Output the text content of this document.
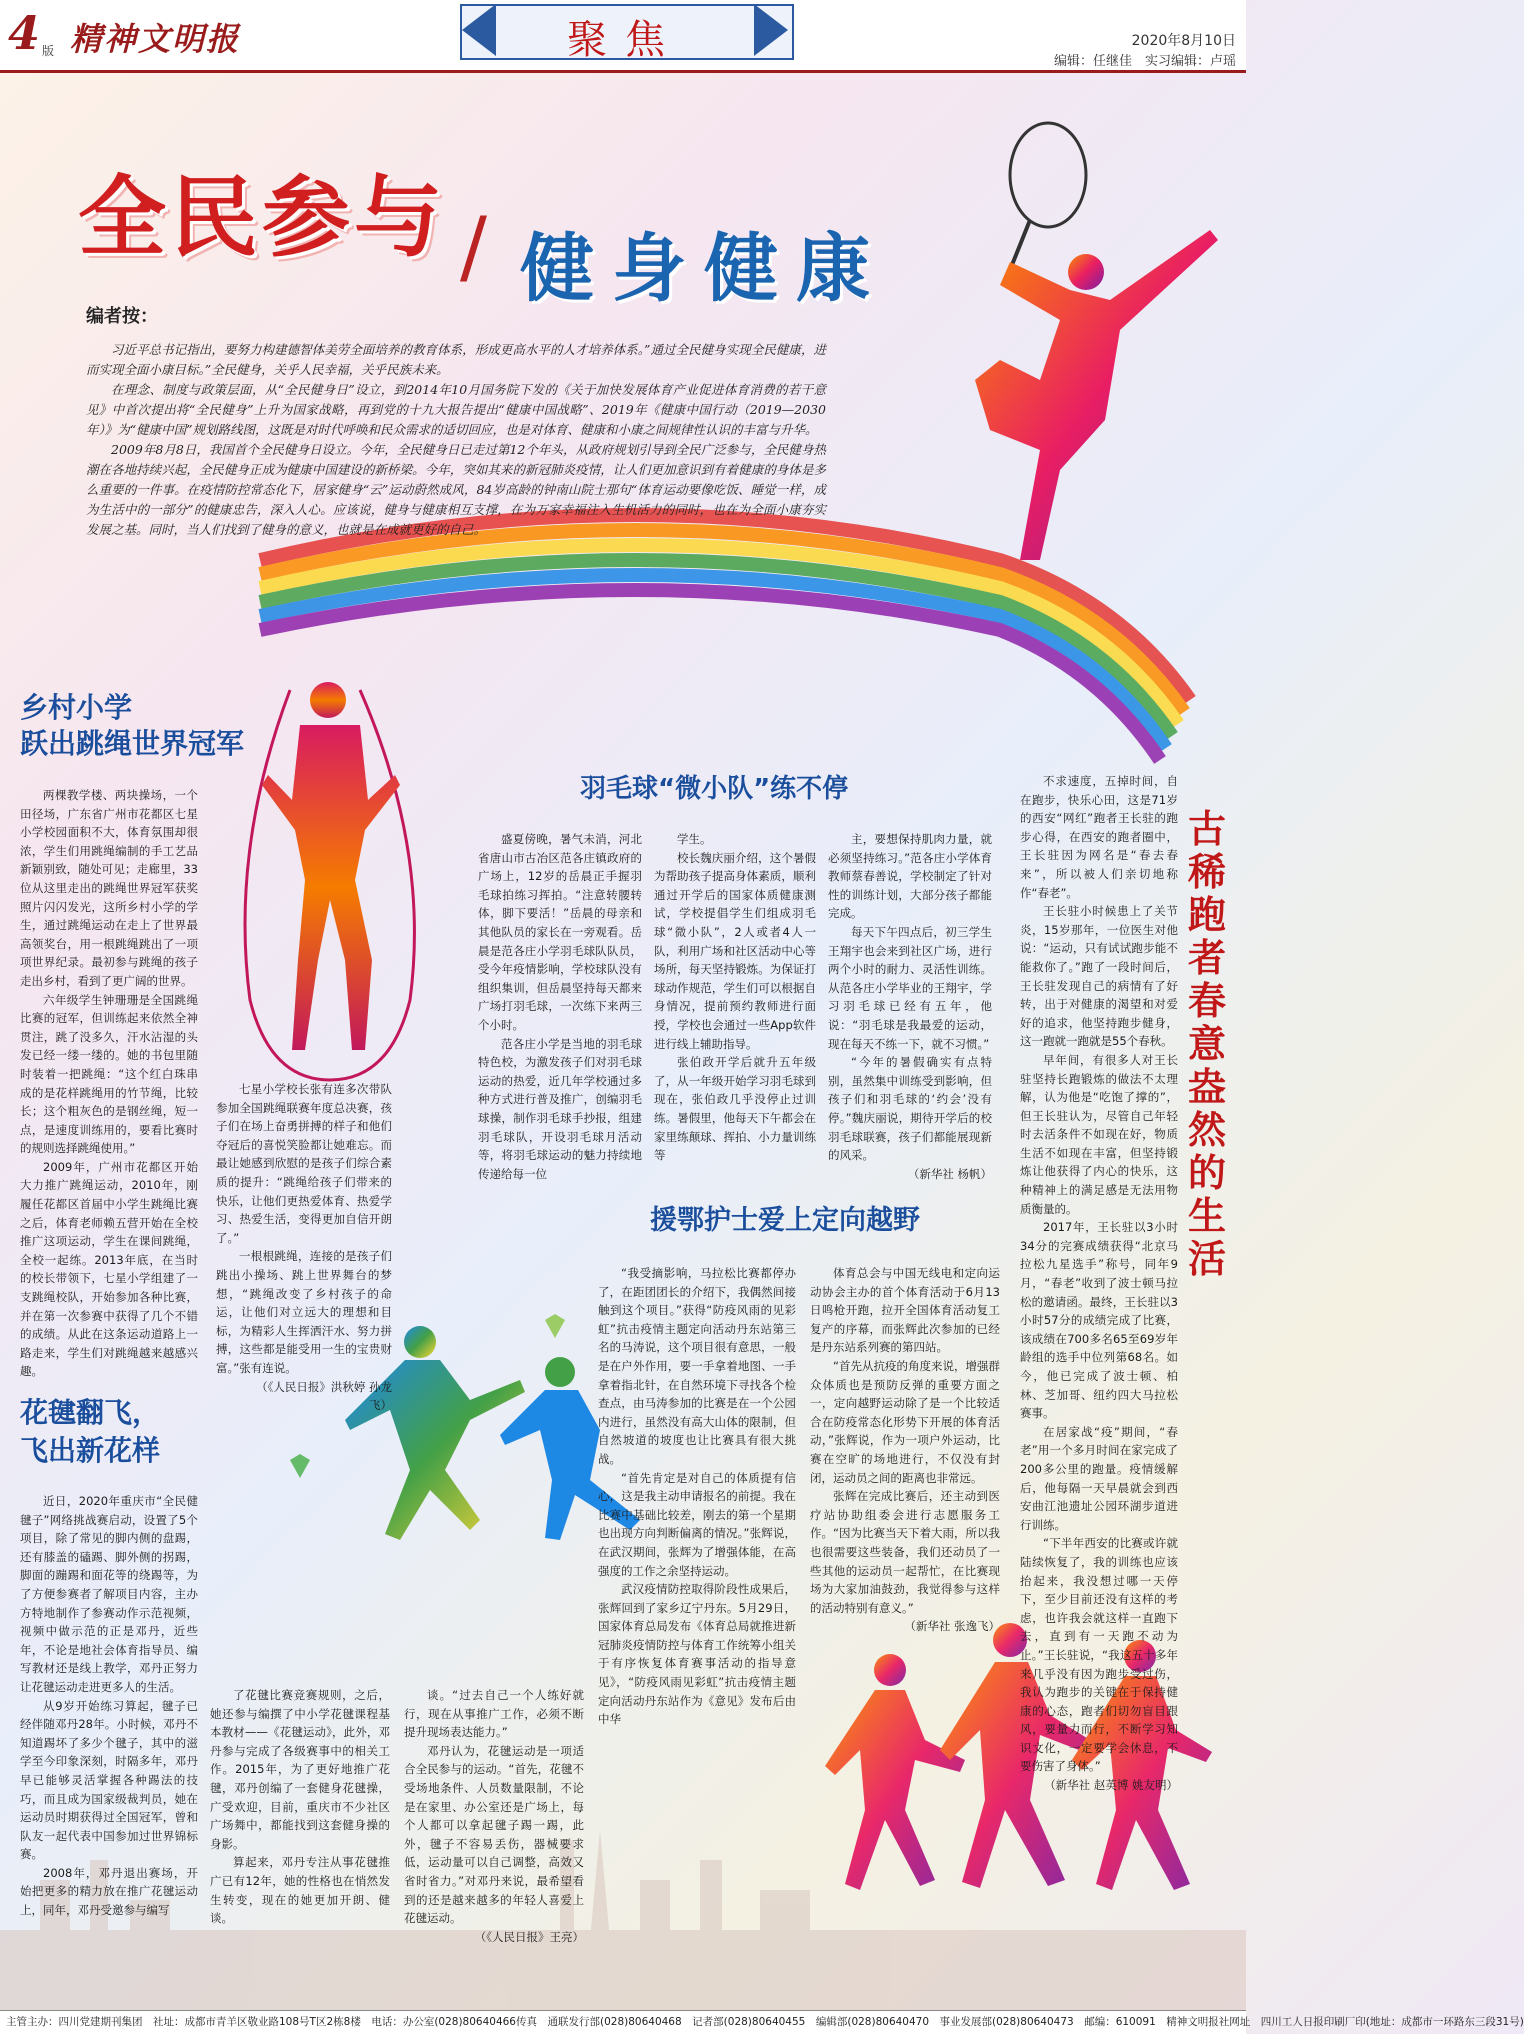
4 版 精神文明报	聚焦	2020年8月10日
编辑：任继佳　实习编辑：卢瑶
全民参与 / 健身健康
编者按：

习近平总书记指出，要努力构建德智体美劳全面培养的教育体系，形成更高水平的人才培养体系。”通过全民健身实现全民健康，进而实现全面小康目标。”全民健身，关乎人民幸福，关乎民族未来。

在理念、制度与政策层面，从“全民健身日”设立，到2014年10月国务院下发的《关于加快发展体育产业促进体育消费的若干意见》中首次提出将“全民健身”上升为国家战略，再到党的十九大报告提出“健康中国战略”、2019年《健康中国行动（2019—2030年）》为“健康中国”规划路线图，这既是对时代呼唤和民众需求的适切回应，也是对体育、健康和小康之间规律性认识的丰富与升华。

2009年8月8日，我国首个全民健身日设立。今年，全民健身日已走过第12个年头，从政府规划引导到全民广泛参与，全民健身热潮在各地持续兴起，全民健身正成为健康中国建设的新桥梁。今年，突如其来的新冠肺炎疫情，让人们更加意识到有着健康的身体是多么重要的一件事。在疫情防控常态化下，居家健身“云”运动蔚然成风，84岁高龄的钟南山院士那句“体育运动要像吃饭、睡觉一样，成为生活中的一部分”的健康忠告，深入人心。应该说，健身与健康相互支撑，在为万家幸福注入生机活力的同时，也在为全面小康夯实发展之基。同时，当人们找到了健身的意义，也就是在成就更好的自己。

乡村小学
跃出跳绳世界冠军

两棵教学楼、两块操场，一个田径场，广东省广州市花都区七星小学校园面积不大，体育氛围却很浓，学生们用跳绳编制的手工艺品新颖别致，随处可见；走廊里，33位从这里走出的跳绳世界冠军获奖照片闪闪发光，这所乡村小学的学生，通过跳绳运动在走上了世界最高领奖台，用一根跳绳跳出了一项项世界纪录。最初参与跳绳的孩子走出乡村，看到了更广阔的世界。

六年级学生钟珊珊是全国跳绳比赛的冠军，但训练起来依然全神贯注，跳了没多久，汗水沾湿的头发已经一缕一缕的。她的书包里随时装着一把跳绳：“这个红白珠串成的是花样跳绳用的竹节绳，比较长；这个粗灰色的是钢丝绳，短一点，是速度训练用的，要看比赛时的规则选择跳绳使用。”

2009年，广州市花都区开始大力推广跳绳运动，2010年，刚履任花都区首届中小学生跳绳比赛之后，体育老师赖五营开始在全校推广这项运动，学生在课间跳绳，全校一起练。2013年底，在当时的校长带领下，七星小学组建了一支跳绳校队，开始参加各种比赛，并在第一次参赛中获得了几个不错的成绩。从此在这条运动道路上一路走来，学生们对跳绳越来越感兴趣。

七星小学校长张有连多次带队参加全国跳绳联赛年度总决赛，孩子们在场上奋勇拼搏的样子和他们夺冠后的喜悦笑脸都让她难忘。而最让她感到欣慰的是孩子们综合素质的提升：“跳绳给孩子们带来的快乐，让他们更热爱体育、热爱学习、热爱生活，变得更加自信开朗了。”

一根根跳绳，连接的是孩子们跳出小操场、跳上世界舞台的梦想，“跳绳改变了乡村孩子的命运，让他们对立远大的理想和目标，为精彩人生挥洒汗水、努力拼搏，这些都是能受用一生的宝贵财富。”张有连说。

（《人民日报》洪秋婷 孙龙飞）

花毽翻飞，
飞出新花样

近日，2020年重庆市“全民健毽子”网络挑战赛启动，设置了5个项目，除了常见的脚内侧的盘踢，还有膝盖的磕踢、脚外侧的拐踢，脚面的蹦踢和面花等的绕踢等，为了方便参赛者了解项目内容，主办方特地制作了参赛动作示范视频，视频中做示范的正是邓丹，近些年，不论是地社会体育指导员、编写教材还是线上教学，邓丹正努力让花毽运动走进更多人的生活。

从9岁开始练习算起，毽子已经伴随邓丹28年。小时候，邓丹不知道踢坏了多少个毽子，其中的滋学至今印象深刻，时隔多年，邓丹早已能够灵活掌握各种踢法的技巧，而且成为国家级裁判员，她在运动员时期获得过全国冠军，曾和队友一起代表中国参加过世界锦标赛。

2008年，邓丹退出赛场，开始把更多的精力放在推广花毽运动上，同年，邓丹受邀参与编写

了花毽比赛竞赛规则，之后，她还参与编撰了中小学花毽课程基本教材——《花毽运动》，此外，邓丹参与完成了各级赛事中的相关工作。2015年，为了更好地推广花毽，邓丹创编了一套健身花毽操，广受欢迎，目前，重庆市不少社区广场舞中，都能找到这套健身操的身影。

算起来，邓丹专注从事花毽推广已有12年，她的性格也在悄然发生转变，现在的她更加开朗、健谈。

谈。“过去自己一个人练好就行，现在从事推广工作，必须不断提升现场表达能力。”

邓丹认为，花毽运动是一项适合全民参与的运动。“首先，花毽不受场地条件、人员数量限制，不论是在家里、办公室还是广场上，每个人都可以拿起毽子踢一踢，此外，毽子不容易丢伤，器械要求低，运动量可以自己调整，高效又省时省力。”对邓丹来说，最希望看到的还是越来越多的年轻人喜爱上花毽运动。

（《人民日报》王亮）

羽毛球“微小队”练不停

盛夏傍晚，暑气未消，河北省唐山市古冶区范各庄镇政府的广场上，12岁的岳晨正手握羽毛球拍练习挥拍。“注意转腰转体，脚下要活！”岳晨的母亲和其他队员的家长在一旁观看。岳晨是范各庄小学羽毛球队队员，受今年疫情影响，学校球队没有组织集训，但岳晨坚持每天都来广场打羽毛球，一次练下来两三个小时。

范各庄小学是当地的羽毛球特色校，为激发孩子们对羽毛球运动的热爱，近几年学校通过多种方式进行普及推广，创编羽毛球操，制作羽毛球手抄报，组建羽毛球队，开设羽毛球月活动等，将羽毛球运动的魅力持续地传递给每一位

学生。

校长魏庆丽介绍，这个暑假为帮助孩子提高身体素质，顺利通过开学后的国家体质健康测试，学校提倡学生们组成羽毛球“微小队”，2人或者4人一队，利用广场和社区活动中心等场所，每天坚持锻炼。为保证打球动作规范，学生们可以根据自身情况，提前预约教师进行面授，学校也会通过一些App软件进行线上辅助指导。

张伯政开学后就升五年级了，从一年级开始学习羽毛球到现在，张伯政几乎没停止过训练。暑假里，他每天下午都会在家里练颠球、挥拍、小力量训练等

主，要想保持肌肉力量，就必须坚持练习。”范各庄小学体育教师蔡春善说，学校制定了针对性的训练计划，大部分孩子都能完成。

每天下午四点后，初三学生王翔宇也会来到社区广场，进行两个小时的耐力、灵活性训练。从范各庄小学毕业的王翔宇，学习羽毛球已经有五年，他说：“羽毛球是我最爱的运动，现在每天不练一下，就不习惯。”

“今年的暑假确实有点特别，虽然集中训练受到影响，但孩子们和羽毛球的‘约会’没有停。”魏庆丽说，期待开学后的校羽毛球联赛，孩子们都能展现新的风采。

（新华社 杨帆）

援鄂护士爱上定向越野

“我受摘影响，马拉松比赛都停办了，在距团团长的介绍下，我偶然间接触到这个项目。”获得“防疫风雨的见彩虹”抗击疫情主题定向活动丹东站第三名的马涛说，这个项目很有意思，一般是在户外作用，要一手拿着地图、一手拿着指北针，在自然环境下寻找各个检查点，由马涛参加的比赛是在一个公园内进行，虽然没有高大山体的限制，但自然坡道的坡度也让比赛具有很大挑战。

“首先肯定是对自己的体质提有信心，这是我主动申请报名的前提。我在比赛中基础比较差，刚去的第一个星期也出现方向判断偏离的情况。”张辉说，在武汉期间，张辉为了增强体能，在高强度的工作之余坚持运动。

武汉疫情防控取得阶段性成果后，张辉回到了家乡辽宁丹东。5月29日，国家体育总局发布《体育总局就推进新冠肺炎疫情防控与体育工作统筹小组关于有序恢复体育赛事活动的指导意见》，“防疫风雨见彩虹”抗击疫情主题定向活动丹东站作为《意见》发布后由中华

体育总会与中国无线电和定向运动协会主办的首个体育活动于6月13日鸣枪开跑，拉开全国体育活动复工复产的序幕，而张辉此次参加的已经是丹东站系列赛的第四站。

“首先从抗疫的角度来说，增强群众体质也是预防反弹的重要方面之一，定向越野运动除了是一个比较适合在防疫常态化形势下开展的体育活动，”张辉说，作为一项户外运动，比赛在空旷的场地进行，不仅没有封闭，运动员之间的距离也非常远。

张辉在完成比赛后，还主动到医疗站协助组委会进行志愿服务工作。“因为比赛当天下着大雨，所以我也很需要这些装备，我们还动员了一些其他的运动员一起帮忙，在比赛现场为大家加油鼓劲，我觉得参与这样的活动特别有意义。”

（新华社 张逸飞）

古稀跑者春意盎然的生活

不求速度，五掉时间，自在跑步，快乐心田，这是71岁的西安“网红”跑者王长驻的跑步心得，在西安的跑者圈中，王长驻因为网名是“春去春来”，所以被人们亲切地称作“春老”。

王长驻小时候患上了关节炎，15岁那年，一位医生对他说：“运动，只有试试跑步能不能救你了。”跑了一段时间后，王长驻发现自己的病情有了好转，出于对健康的渴望和对爱好的追求，他坚持跑步健身，这一跑就一跑就是55个春秋。

早年间，有很多人对王长驻坚持长跑锻炼的做法不太理解，认为他是“吃饱了撑的”，但王长驻认为，尽管自己年轻时去活条件不如现在好，物质生活不如现在丰富，但坚持锻炼让他获得了内心的快乐，这种精神上的满足感是无法用物质衡量的。

2017年，王长驻以3小时34分的完赛成绩获得“北京马拉松九星选手”称号，同年9月，“春老”收到了波士顿马拉松的邀请函。最终，王长驻以3小时57分的成绩完成了比赛，该成绩在700多名65至69岁年龄组的选手中位列第68名。如今，他已完成了波士顿、柏林、芝加哥、纽约四大马拉松赛事。

在居家战“疫”期间，“春老”用一个多月时间在家完成了200多公里的跑量。疫情缓解后，他每隔一天早晨就会到西安曲江池遗址公园环湖步道进行训练。

“下半年西安的比赛或许就陆续恢复了，我的训练也应该抬起来，我没想过哪一天停下，至少目前还没有这样的考虑，也许我会就这样一直跑下去，直到有一天跑不动为止。”王长驻说，“我这五十多年来几乎没有因为跑步受过伤，我认为跑步的关键在于保持健康的心态，跑者们切勿盲目跟风，要量力而行，不断学习知识文化，一定要学会休息，不要伤害了身体。”

（新华社 赵英博 姚友明）

主管主办：四川党建期刊集团　社址：成都市青羊区敬业路108号T区2栋8楼　电话：办公室(028)80640466传真　通联发行部(028)80640468　记者部(028)80640455　编辑部(028)80640470　事业发展部(028)80640473　邮编：610091　精神文明报社网址　四川工人日报印刷厂印(地址：成都市一环路东三段31号)
